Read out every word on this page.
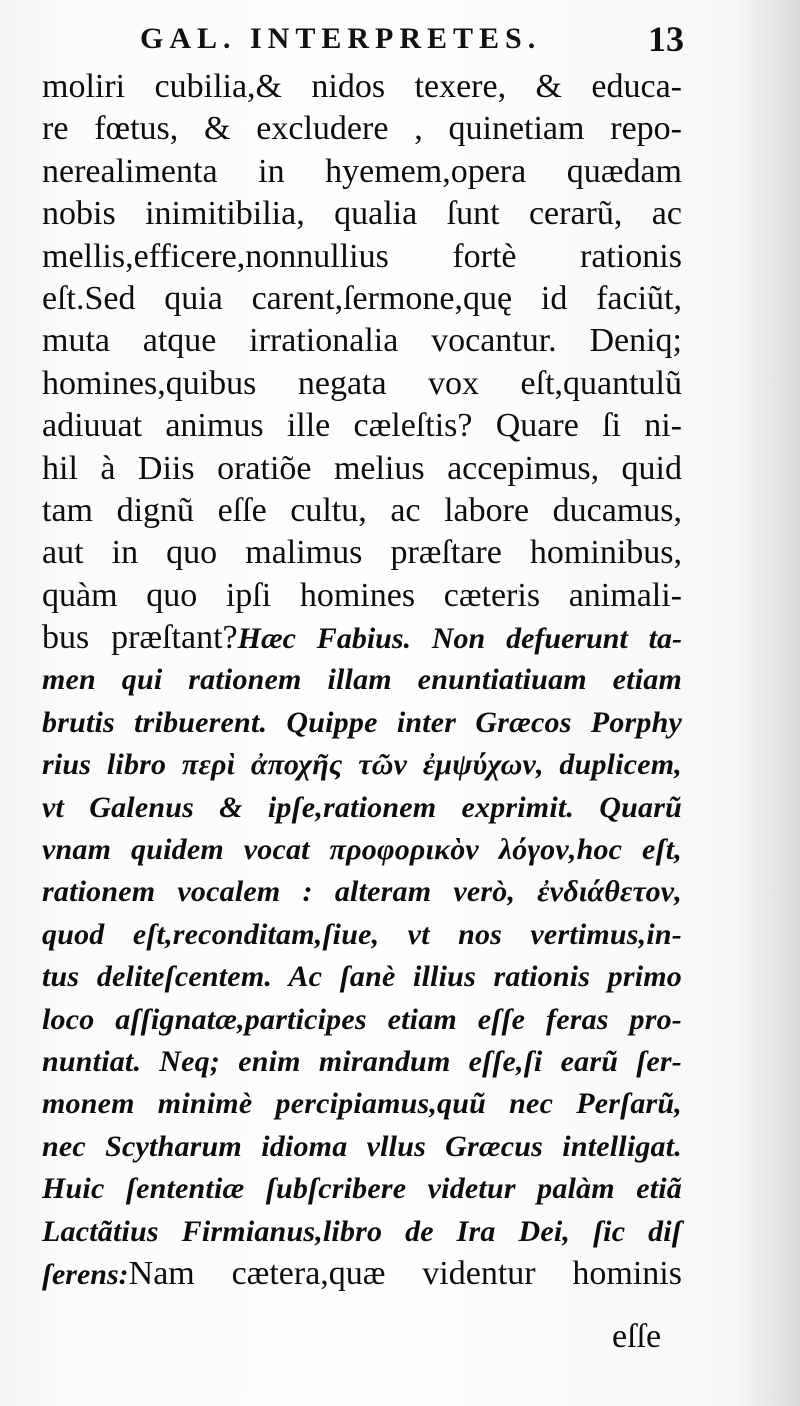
GAL. INTERPRETES.	13
moliri cubilia,& nidos texere, & educa-
re fœtus, & excludere , quinetiam repo-
nerealimenta in hyemem,opera quædam
nobis inimitibilia, qualia ſunt cerarũ, ac
mellis,efficere,nonnullius fortè rationis
eſt.Sed quia carent,ſermone,quę id faciũt,
muta atque irrationalia vocantur. Deniq;
homines,quibus negata vox eſt,quantulũ
adiuuat animus ille cæleſtis? Quare ſi ni-
hil à Diis oratiõe melius accepimus, quid
tam dignũ eſſe cultu, ac labore ducamus,
aut in quo malimus præſtare hominibus,
quàm quo ipſi homines cæteris animali-
bus præſtant?Hæc Fabius. Non defuerunt ta-
men qui rationem illam enuntiatiuam etiam
brutis tribuerent. Quippe inter Græcos Porphy
rius libro περὶ ἀποχῆς τῶν ἐμψύχων, duplicem,
vt Galenus & ipſe,rationem exprimit. Quarũ
vnam quidem vocat προφορικὸν λόγον,hoc eſt,
rationem vocalem : alteram verò, ἐνδιάθετον,
quod eſt,reconditam,ſiue, vt nos vertimus,in-
tus deliteſcentem. Ac ſanè illius rationis primo
loco aſſignatæ,participes etiam eſſe feras pro-
nuntiat. Neq; enim mirandum eſſe,ſi earũ ſer-
monem minimè percipiamus,quũ nec Perſarũ,
nec Scytharum idioma vllus Græcus intelligat.
Huic ſententiæ ſubſcribere videtur palàm etiã
Lactãtius Firmianus,libro de Ira Dei, ſic diſ
ſerens:Nam cætera,quæ videntur hominis
eſſe
